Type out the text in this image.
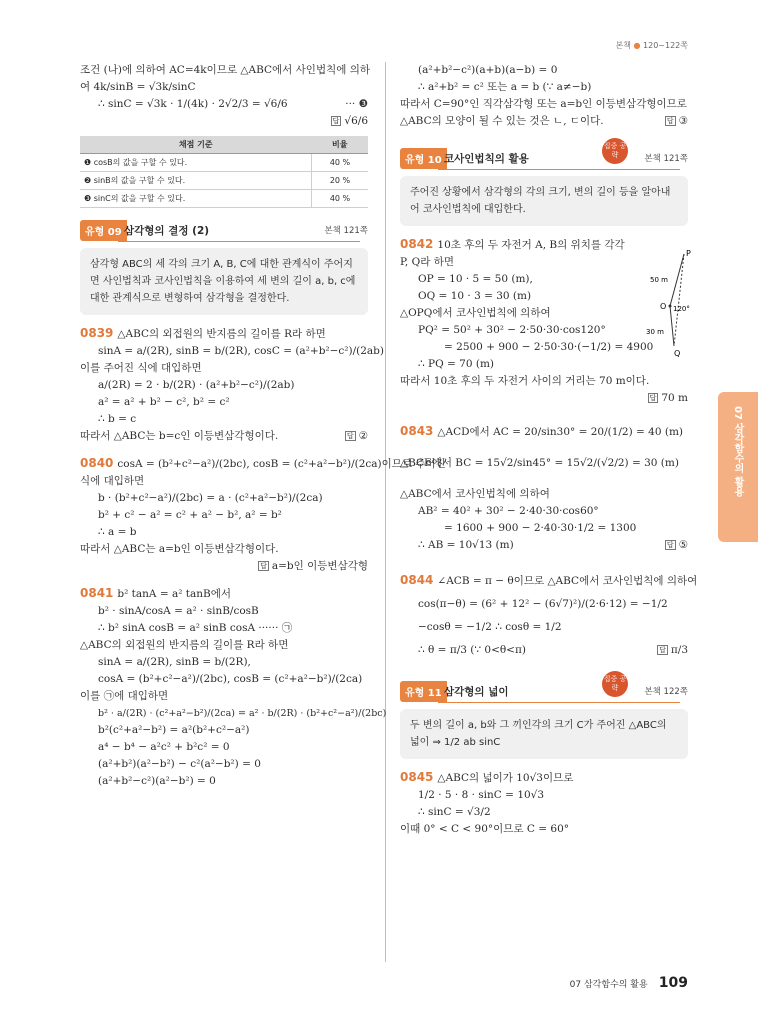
본책 ● 120~122쪽
조건 (나)에 의하여 AC=4k이므로 △ABC에서 사인법칙에 의하
여 4k/sinB = √3k/sinC
∴ sinC = √3k · 1/(4k) · 2√2/3 = √6/6	··· ❸
답 √6/6
채점 기준	비율
❶ cosB의 값을 구할 수 있다.	40 %
❷ sinB의 값을 구할 수 있다.	20 %
❸ sinC의 값을 구할 수 있다.	40 %
유형 09 삼각형의 결정 (2)	본책 121쪽
삼각형 ABC의 세 각의 크기 A, B, C에 대한 관계식이 주어지면 사인법칙과 코사인법칙을 이용하여 세 변의 길이 a, b, c에 대한 관계식으로 변형하여 삼각형을 결정한다.
0839 △ABC의 외접원의 반지름의 길이를 R라 하면
sinA = a/(2R), sinB = b/(2R), cosC = (a²+b²−c²)/(2ab)
이를 주어진 식에 대입하면
a/(2R) = 2 · b/(2R) · (a²+b²−c²)/(2ab)
a² = a² + b² − c², b² = c²
∴ b = c
따라서 △ABC는 b=c인 이등변삼각형이다.	답 ②
0840 cosA = (b²+c²−a²)/(2bc), cosB = (c²+a²−b²)/(2ca)이므로 주어진
식에 대입하면
b · (b²+c²−a²)/(2bc) = a · (c²+a²−b²)/(2ca)
b² + c² − a² = c² + a² − b², a² = b²
∴ a = b
따라서 △ABC는 a=b인 이등변삼각형이다.
답 a=b인 이등변삼각형
0841 b² tanA = a² tanB에서
b² · sinA/cosA = a² · sinB/cosB
∴ b² sinA cosB = a² sinB cosA ······ ㉠
△ABC의 외접원의 반지름의 길이를 R라 하면
sinA = a/(2R), sinB = b/(2R),
cosA = (b²+c²−a²)/(2bc), cosB = (c²+a²−b²)/(2ca)
이를 ㉠에 대입하면
b² · a/(2R) · (c²+a²−b²)/(2ca) = a² · b/(2R) · (b²+c²−a²)/(2bc)
b²(c²+a²−b²) = a²(b²+c²−a²)
a⁴ − b⁴ − a²c² + b²c² = 0
(a²+b²)(a²−b²) − c²(a²−b²) = 0
(a²+b²−c²)(a²−b²) = 0
(a²+b²−c²)(a+b)(a−b) = 0
∴ a²+b² = c² 또는 a = b (∵ a≠−b)
따라서 C=90°인 직각삼각형 또는 a=b인 이등변삼각형이므로
△ABC의 모양이 될 수 있는 것은 ㄴ, ㄷ이다.	답 ③
유형 10 코사인법칙의 활용
집중 공략	본책 121쪽
주어진 상황에서 삼각형의 각의 크기, 변의 길이 등을 알아내어 코사인법칙에 대입한다.
0842 10초 후의 두 자전거 A, B의 위치를 각각
P, Q라 하면
OP = 10 · 5 = 50 (m),
OQ = 10 · 3 = 30 (m)
△OPQ에서 코사인법칙에 의하여
PQ² = 50² + 30² − 2·50·30·cos120°
= 2500 + 900 − 2·50·30·(−1/2) = 4900
∴ PQ = 70 (m)
따라서 10초 후의 두 자전거 사이의 거리는 70 m이다.
답 70 m
0843 △ACD에서 AC = 20/sin30° = 20/(1/2) = 40 (m)
△BCE에서 BC = 15√2/sin45° = 15√2/(√2/2) = 30 (m)
△ABC에서 코사인법칙에 의하여
AB² = 40² + 30² − 2·40·30·cos60°
= 1600 + 900 − 2·40·30·1/2 = 1300
∴ AB = 10√13 (m)	답 ⑤
0844 ∠ACB = π − θ이므로 △ABC에서 코사인법칙에 의하여
cos(π−θ) = (6² + 12² − (6√7)²)/(2·6·12) = −1/2
−cosθ = −1/2 ∴ cosθ = 1/2
∴ θ = π/3 (∵ 0<θ<π)	답 π/3
유형 11 삼각형의 넓이
집중 공략	본책 122쪽
두 변의 길이 a, b와 그 끼인각의 크기 C가 주어진 △ABC의 넓이 ⇒ 1/2 ab sinC
0845 △ABC의 넓이가 10√3이므로
1/2 · 5 · 8 · sinC = 10√3
∴ sinC = √3/2
이때 0° < C < 90°이므로 C = 60°
P
Q
O
50 m
30 m
120°
07 삼각함수의 활용
07 삼각함수의 활용 109
